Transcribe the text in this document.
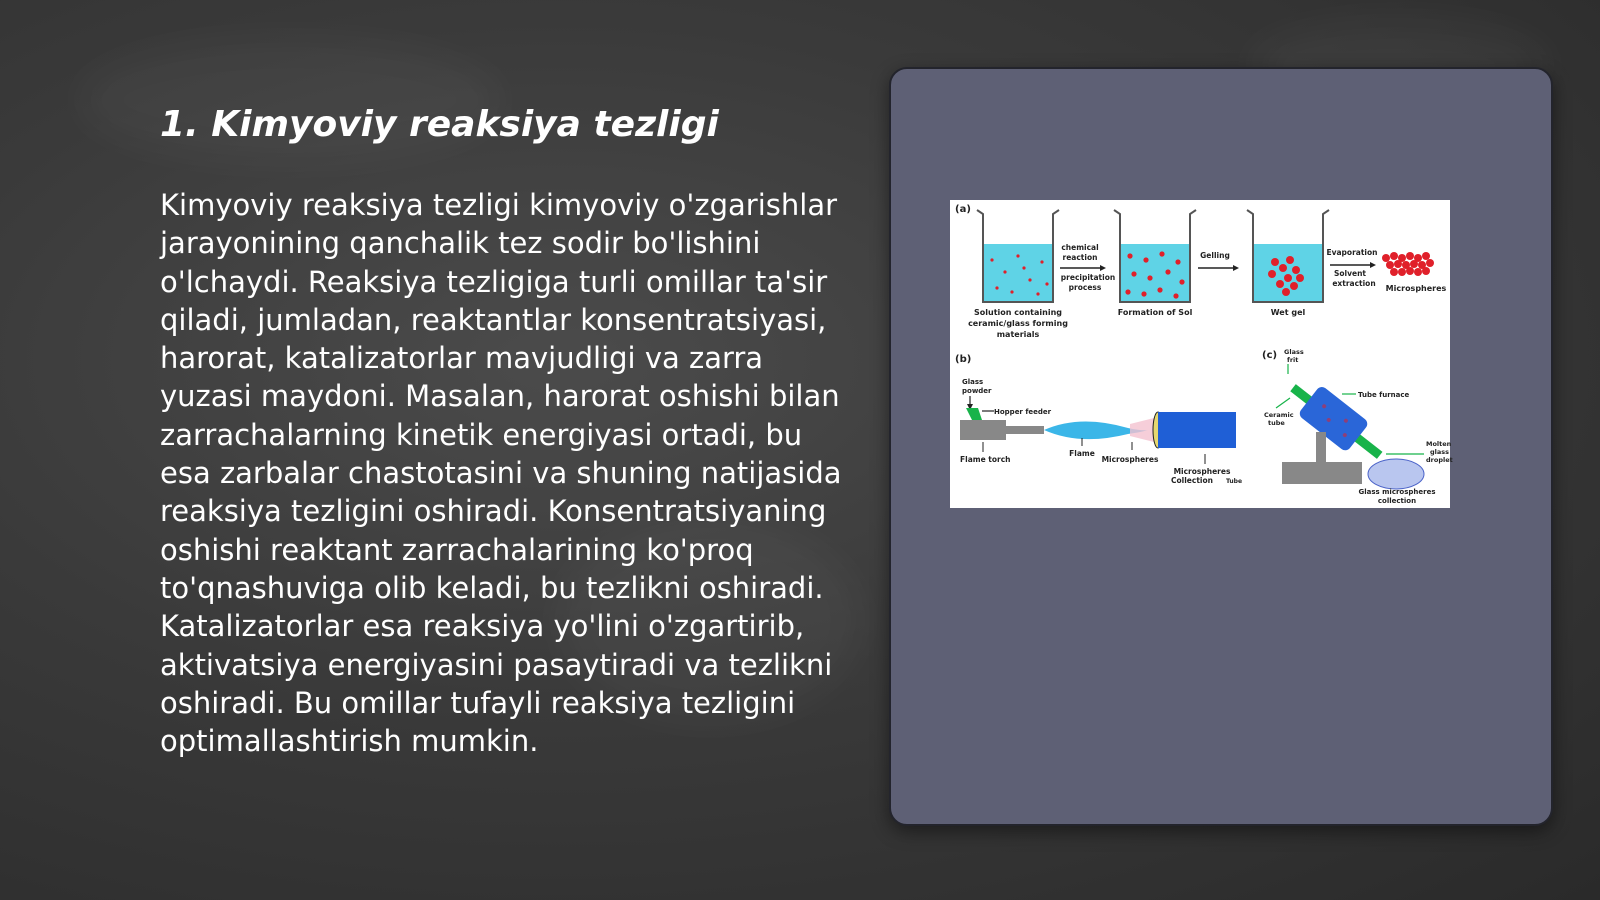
1. Kimyoviy reaksiya tezligi

Kimyoviy reaksiya tezligi kimyoviy o'zgarishlar jarayonining qanchalik tez sodir bo'lishini o'lchaydi. Reaksiya tezligiga turli omillar ta'sir qiladi, jumladan, reaktantlar konsentratsiyasi, harorat, katalizatorlar mavjudligi va zarra yuzasi maydoni. Masalan, harorat oshishi bilan zarrachalarning kinetik energiyasi ortadi, bu esa zarbalar chastotasini va shuning natijasida reaksiya tezligini oshiradi. Konsentratsiyaning oshishi reaktant zarrachalarining ko'proq to'qnashuviga olib keladi, bu tezlikni oshiradi. Katalizatorlar esa reaksiya yo'lini o'zgartirib, aktivatsiya energiyasini pasaytiradi va tezlikni oshiradi. Bu omillar tufayli reaksiya tezligini optimallashtirish mumkin.

(a)
Solution containing
ceramic/glass forming
materials
chemical
reaction
precipitation
process
Formation of Sol
Gelling
Wet gel
Evaporation
Solvent
extraction
Microspheres
(b)
Glass
powder
Hopper feeder
Flame torch
Flame
Microspheres
Microspheres
Collection Tube
(c) Glass
frit
Tube furnace
Ceramic
tube
Molten
glass
droplet
Glass microspheres
collection
